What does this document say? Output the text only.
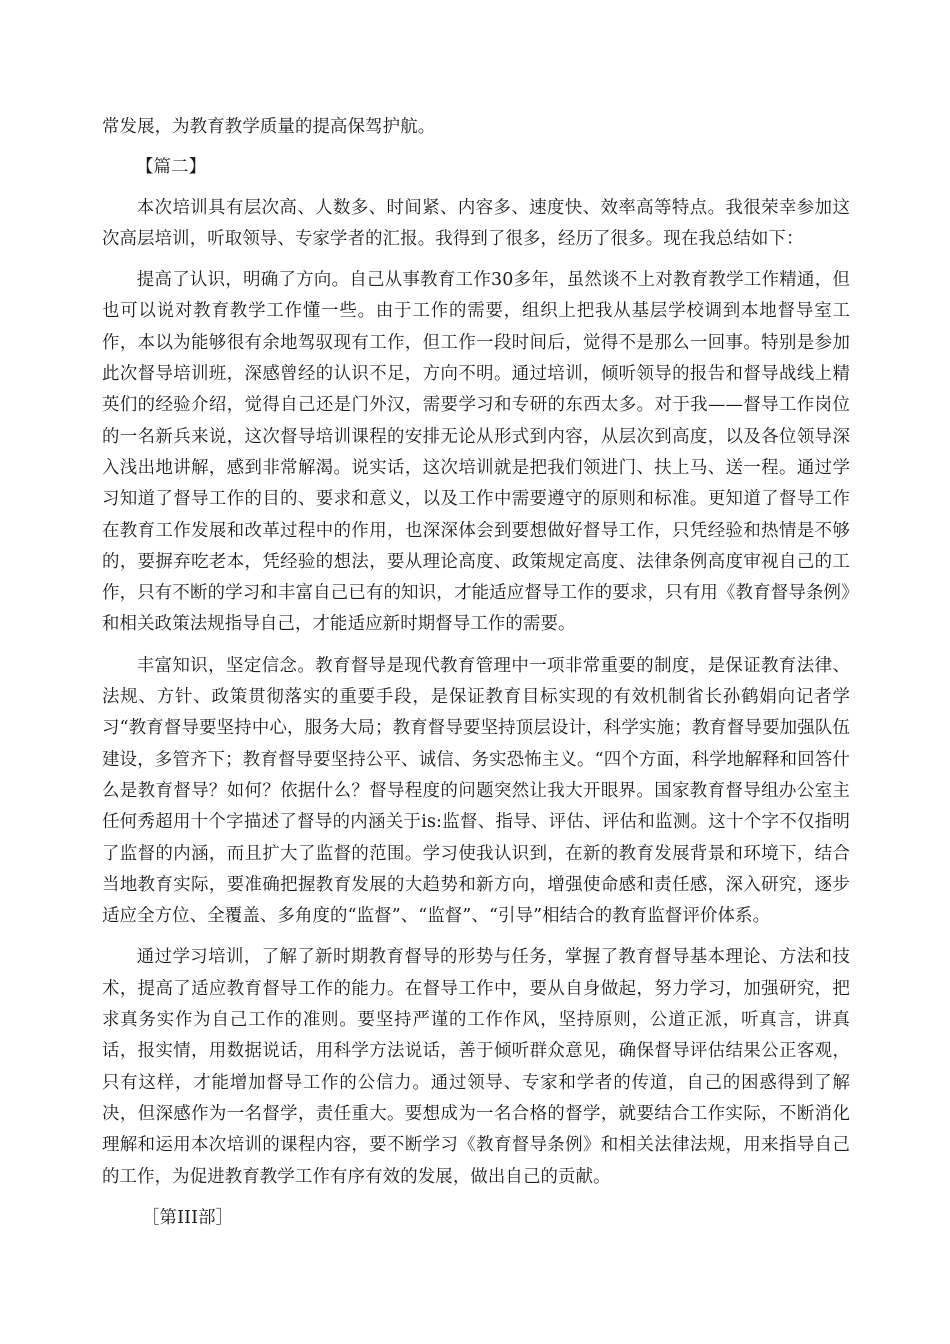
常发展，为教育教学质量的提高保驾护航。

【篇二】

本次培训具有层次高、人数多、时间紧、内容多、速度快、效率高等特点。我很荣幸参加这次高层培训，听取领导、专家学者的汇报。我得到了很多，经历了很多。现在我总结如下：

提高了认识，明确了方向。自己从事教育工作30多年，虽然谈不上对教育教学工作精通，但也可以说对教育教学工作懂一些。由于工作的需要，组织上把我从基层学校调到本地督导室工作，本以为能够很有余地驾驭现有工作，但工作一段时间后，觉得不是那么一回事。特别是参加此次督导培训班，深感曾经的认识不足，方向不明。通过培训，倾听领导的报告和督导战线上精英们的经验介绍，觉得自己还是门外汉，需要学习和专研的东西太多。对于我——督导工作岗位的一名新兵来说，这次督导培训课程的安排无论从形式到内容，从层次到高度，以及各位领导深入浅出地讲解，感到非常解渴。说实话，这次培训就是把我们领进门、扶上马、送一程。通过学习知道了督导工作的目的、要求和意义，以及工作中需要遵守的原则和标准。更知道了督导工作在教育工作发展和改革过程中的作用，也深深体会到要想做好督导工作，只凭经验和热情是不够的，要摒弃吃老本，凭经验的想法，要从理论高度、政策规定高度、法律条例高度审视自己的工作，只有不断的学习和丰富自己已有的知识，才能适应督导工作的要求，只有用《教育督导条例》和相关政策法规指导自己，才能适应新时期督导工作的需要。

丰富知识，坚定信念。教育督导是现代教育管理中一项非常重要的制度，是保证教育法律、法规、方针、政策贯彻落实的重要手段，是保证教育目标实现的有效机制省长孙鹤娟向记者学习“教育督导要坚持中心，服务大局；教育督导要坚持顶层设计，科学实施；教育督导要加强队伍建设，多管齐下；教育督导要坚持公平、诚信、务实恐怖主义。“四个方面，科学地解释和回答什么是教育督导？如何？依据什么？督导程度的问题突然让我大开眼界。国家教育督导组办公室主任何秀超用十个字描述了督导的内涵关于is:监督、指导、评估、评估和监测。这十个字不仅指明了监督的内涵，而且扩大了监督的范围。学习使我认识到，在新的教育发展背景和环境下，结合当地教育实际，要准确把握教育发展的大趋势和新方向，增强使命感和责任感，深入研究，逐步适应全方位、全覆盖、多角度的“监督”、“监督”、“引导”相结合的教育监督评价体系。

通过学习培训，了解了新时期教育督导的形势与任务，掌握了教育督导基本理论、方法和技术，提高了适应教育督导工作的能力。在督导工作中，要从自身做起，努力学习，加强研究，把求真务实作为自己工作的准则。要坚持严谨的工作作风，坚持原则，公道正派，听真言，讲真话，报实情，用数据说话，用科学方法说话，善于倾听群众意见，确保督导评估结果公正客观，只有这样，才能增加督导工作的公信力。通过领导、专家和学者的传道，自己的困惑得到了解决，但深感作为一名督学，责任重大。要想成为一名合格的督学，就要结合工作实际，不断消化理解和运用本次培训的课程内容，要不断学习《教育督导条例》和相关法律法规，用来指导自己的工作，为促进教育教学工作有序有效的发展，做出自己的贡献。

［第III部］
